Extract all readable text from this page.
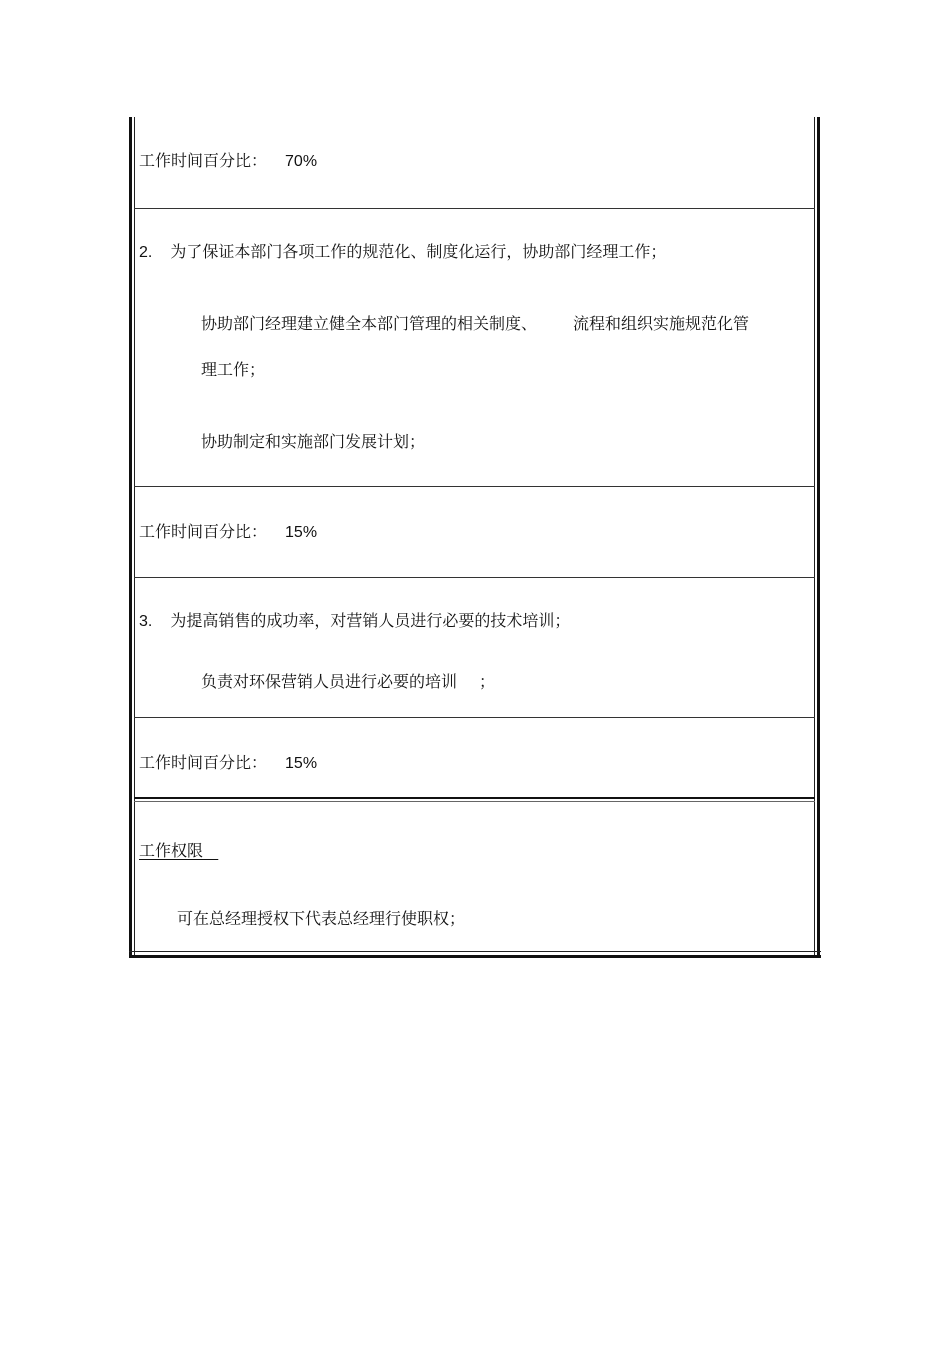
工作时间百分比： 70%
2. 为了保证本部门各项工作的规范化、制度化运行，协助部门经理工作；
协助部门经理建立健全本部门管理的相关制度、 流程和组织实施规范化管
理工作；
协助制定和实施部门发展计划；
工作时间百分比： 15%
3. 为提高销售的成功率，对营销人员进行必要的技术培训；
负责对环保营销人员进行必要的培训 ；
工作时间百分比： 15%
工作权限
可在总经理授权下代表总经理行使职权；
